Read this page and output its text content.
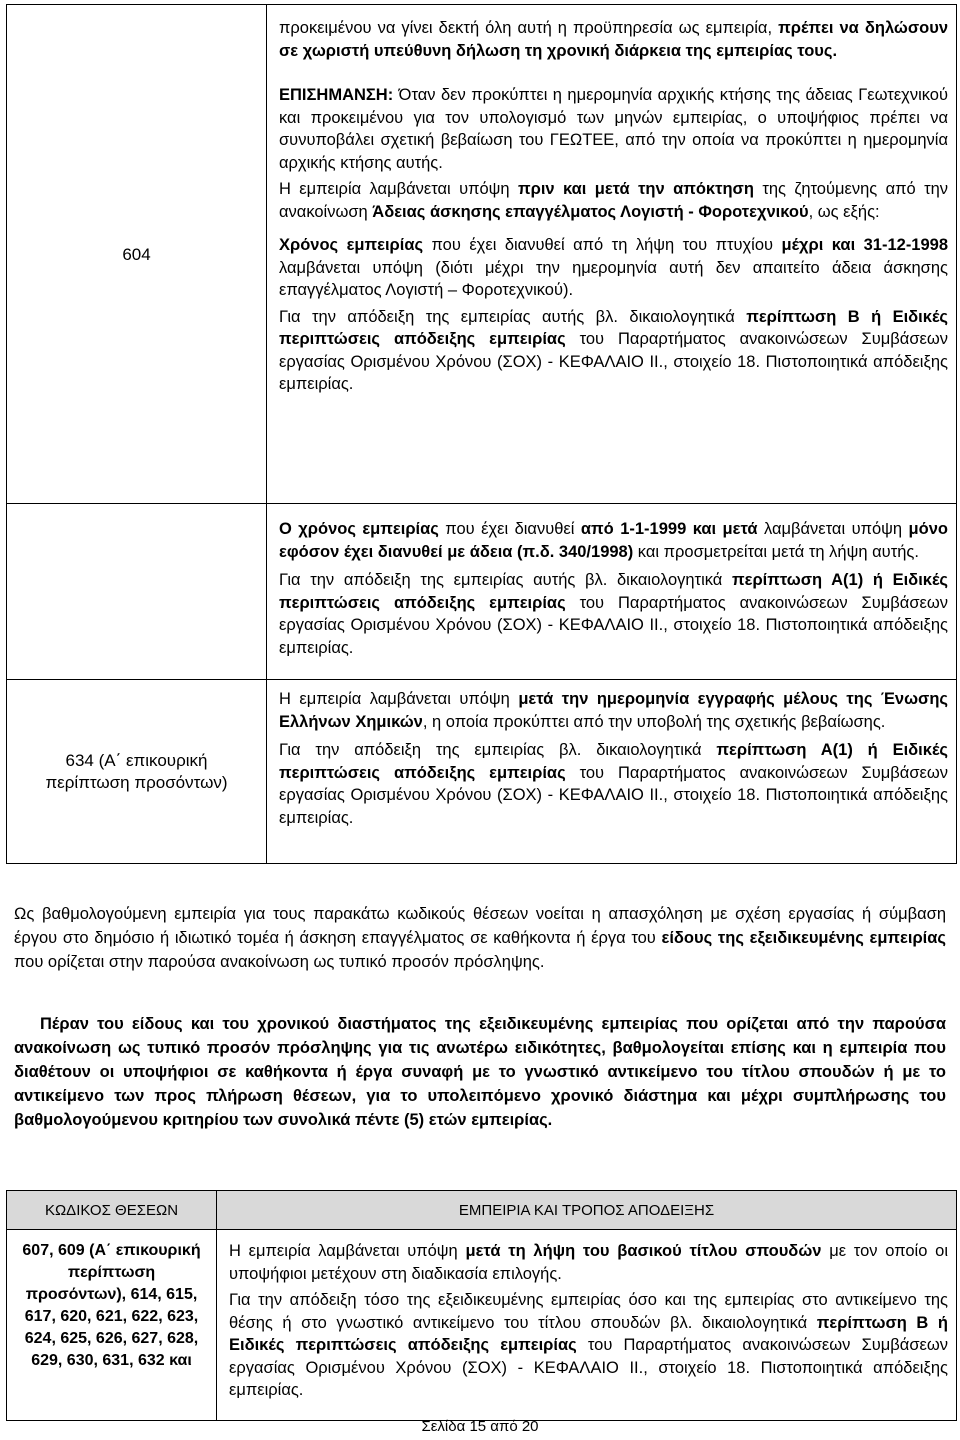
604	προκειμένου να γίνει δεκτή όλη αυτή η προϋπηρεσία ως εμπειρία, πρέπει να δηλώσουν σε χωριστή υπεύθυνη δήλωση τη χρονική διάρκεια της εμπειρίας τους.

ΕΠΙΣΗΜΑΝΣΗ: Όταν δεν προκύπτει η ημερομηνία αρχικής κτήσης της άδειας Γεωτεχνικού και προκειμένου για τον υπολογισμό των μηνών εμπειρίας, ο υποψήφιος πρέπει να συνυποβάλει σχετική βεβαίωση του ΓΕΩΤΕΕ, από την οποία να προκύπτει η ημερομηνία αρχικής κτήσης αυτής.

Η εμπειρία λαμβάνεται υπόψη πριν και μετά την απόκτηση της ζητούμενης από την ανακοίνωση Άδειας άσκησης επαγγέλματος Λογιστή - Φοροτεχνικού, ως εξής:

Χρόνος εμπειρίας που έχει διανυθεί από τη λήψη του πτυχίου μέχρι και 31-12-1998 λαμβάνεται υπόψη (διότι μέχρι την ημερομηνία αυτή δεν απαιτείτο άδεια άσκησης επαγγέλματος Λογιστή – Φοροτεχνικού).

Για την απόδειξη της εμπειρίας αυτής βλ. δικαιολογητικά περίπτωση Β ή Ειδικές περιπτώσεις απόδειξης εμπειρίας του Παραρτήματος ανακοινώσεων Συμβάσεων εργασίας Ορισμένου Χρόνου (ΣΟΧ) - ΚΕΦΑΛΑΙΟ ΙΙ., στοιχείο 18. Πιστοποιητικά απόδειξης εμπειρίας.

	Ο χρόνος εμπειρίας που έχει διανυθεί από 1-1-1999 και μετά λαμβάνεται υπόψη μόνο εφόσον έχει διανυθεί με άδεια (π.δ. 340/1998) και προσμετρείται μετά τη λήψη αυτής.

Για την απόδειξη της εμπειρίας αυτής βλ. δικαιολογητικά περίπτωση Α(1) ή Ειδικές περιπτώσεις απόδειξης εμπειρίας του Παραρτήματος ανακοινώσεων Συμβάσεων εργασίας Ορισμένου Χρόνου (ΣΟΧ) - ΚΕΦΑΛΑΙΟ ΙΙ., στοιχείο 18. Πιστοποιητικά απόδειξης εμπειρίας.

634 (Α΄ επικουρική περίπτωση προσόντων)	Η εμπειρία λαμβάνεται υπόψη μετά την ημερομηνία εγγραφής μέλους της Ένωσης Ελλήνων Χημικών, η οποία προκύπτει από την υποβολή της σχετικής βεβαίωσης.

Για την απόδειξη της εμπειρίας βλ. δικαιολογητικά περίπτωση Α(1) ή Ειδικές περιπτώσεις απόδειξης εμπειρίας του Παραρτήματος ανακοινώσεων Συμβάσεων εργασίας Ορισμένου Χρόνου (ΣΟΧ) - ΚΕΦΑΛΑΙΟ ΙΙ., στοιχείο 18. Πιστοποιητικά απόδειξης εμπειρίας.

Ως βαθμολογούμενη εμπειρία για τους παρακάτω κωδικούς θέσεων νοείται η απασχόληση με σχέση εργασίας ή σύμβαση έργου στο δημόσιο ή ιδιωτικό τομέα ή άσκηση επαγγέλματος σε καθήκοντα ή έργα του είδους της εξειδικευμένης εμπειρίας που ορίζεται στην παρούσα ανακοίνωση ως τυπικό προσόν πρόσληψης.

Πέραν του είδους και του χρονικού διαστήματος της εξειδικευμένης εμπειρίας που ορίζεται από την παρούσα ανακοίνωση ως τυπικό προσόν πρόσληψης για τις ανωτέρω ειδικότητες, βαθμολογείται επίσης και η εμπειρία που διαθέτουν οι υποψήφιοι σε καθήκοντα ή έργα συναφή με το γνωστικό αντικείμενο του τίτλου σπουδών ή με το αντικείμενο των προς πλήρωση θέσεων, για το υπολειπόμενο χρονικό διάστημα και μέχρι συμπλήρωσης του βαθμολογούμενου κριτηρίου των συνολικά πέντε (5) ετών εμπειρίας.

ΚΩΔΙΚΟΣ ΘΕΣΕΩΝ	ΕΜΠΕΙΡΙΑ ΚΑΙ ΤΡΟΠΟΣ ΑΠΟΔΕΙΞΗΣ

607, 609 (Α΄ επικουρική περίπτωση προσόντων), 614, 615, 617, 620, 621, 622, 623, 624, 625, 626, 627, 628, 629, 630, 631, 632 και	Η εμπειρία λαμβάνεται υπόψη μετά τη λήψη του βασικού τίτλου σπουδών με τον οποίο οι υποψήφιοι μετέχουν στη διαδικασία επιλογής.

Για την απόδειξη τόσο της εξειδικευμένης εμπειρίας όσο και της εμπειρίας στο αντικείμενο της θέσης ή στο γνωστικό αντικείμενο του τίτλου σπουδών βλ. δικαιολογητικά περίπτωση Β ή Ειδικές περιπτώσεις απόδειξης εμπειρίας του Παραρτήματος ανακοινώσεων Συμβάσεων εργασίας Ορισμένου Χρόνου (ΣΟΧ) - ΚΕΦΑΛΑΙΟ ΙΙ., στοιχείο 18. Πιστοποιητικά απόδειξης εμπειρίας.

Σελίδα 15 από 20
